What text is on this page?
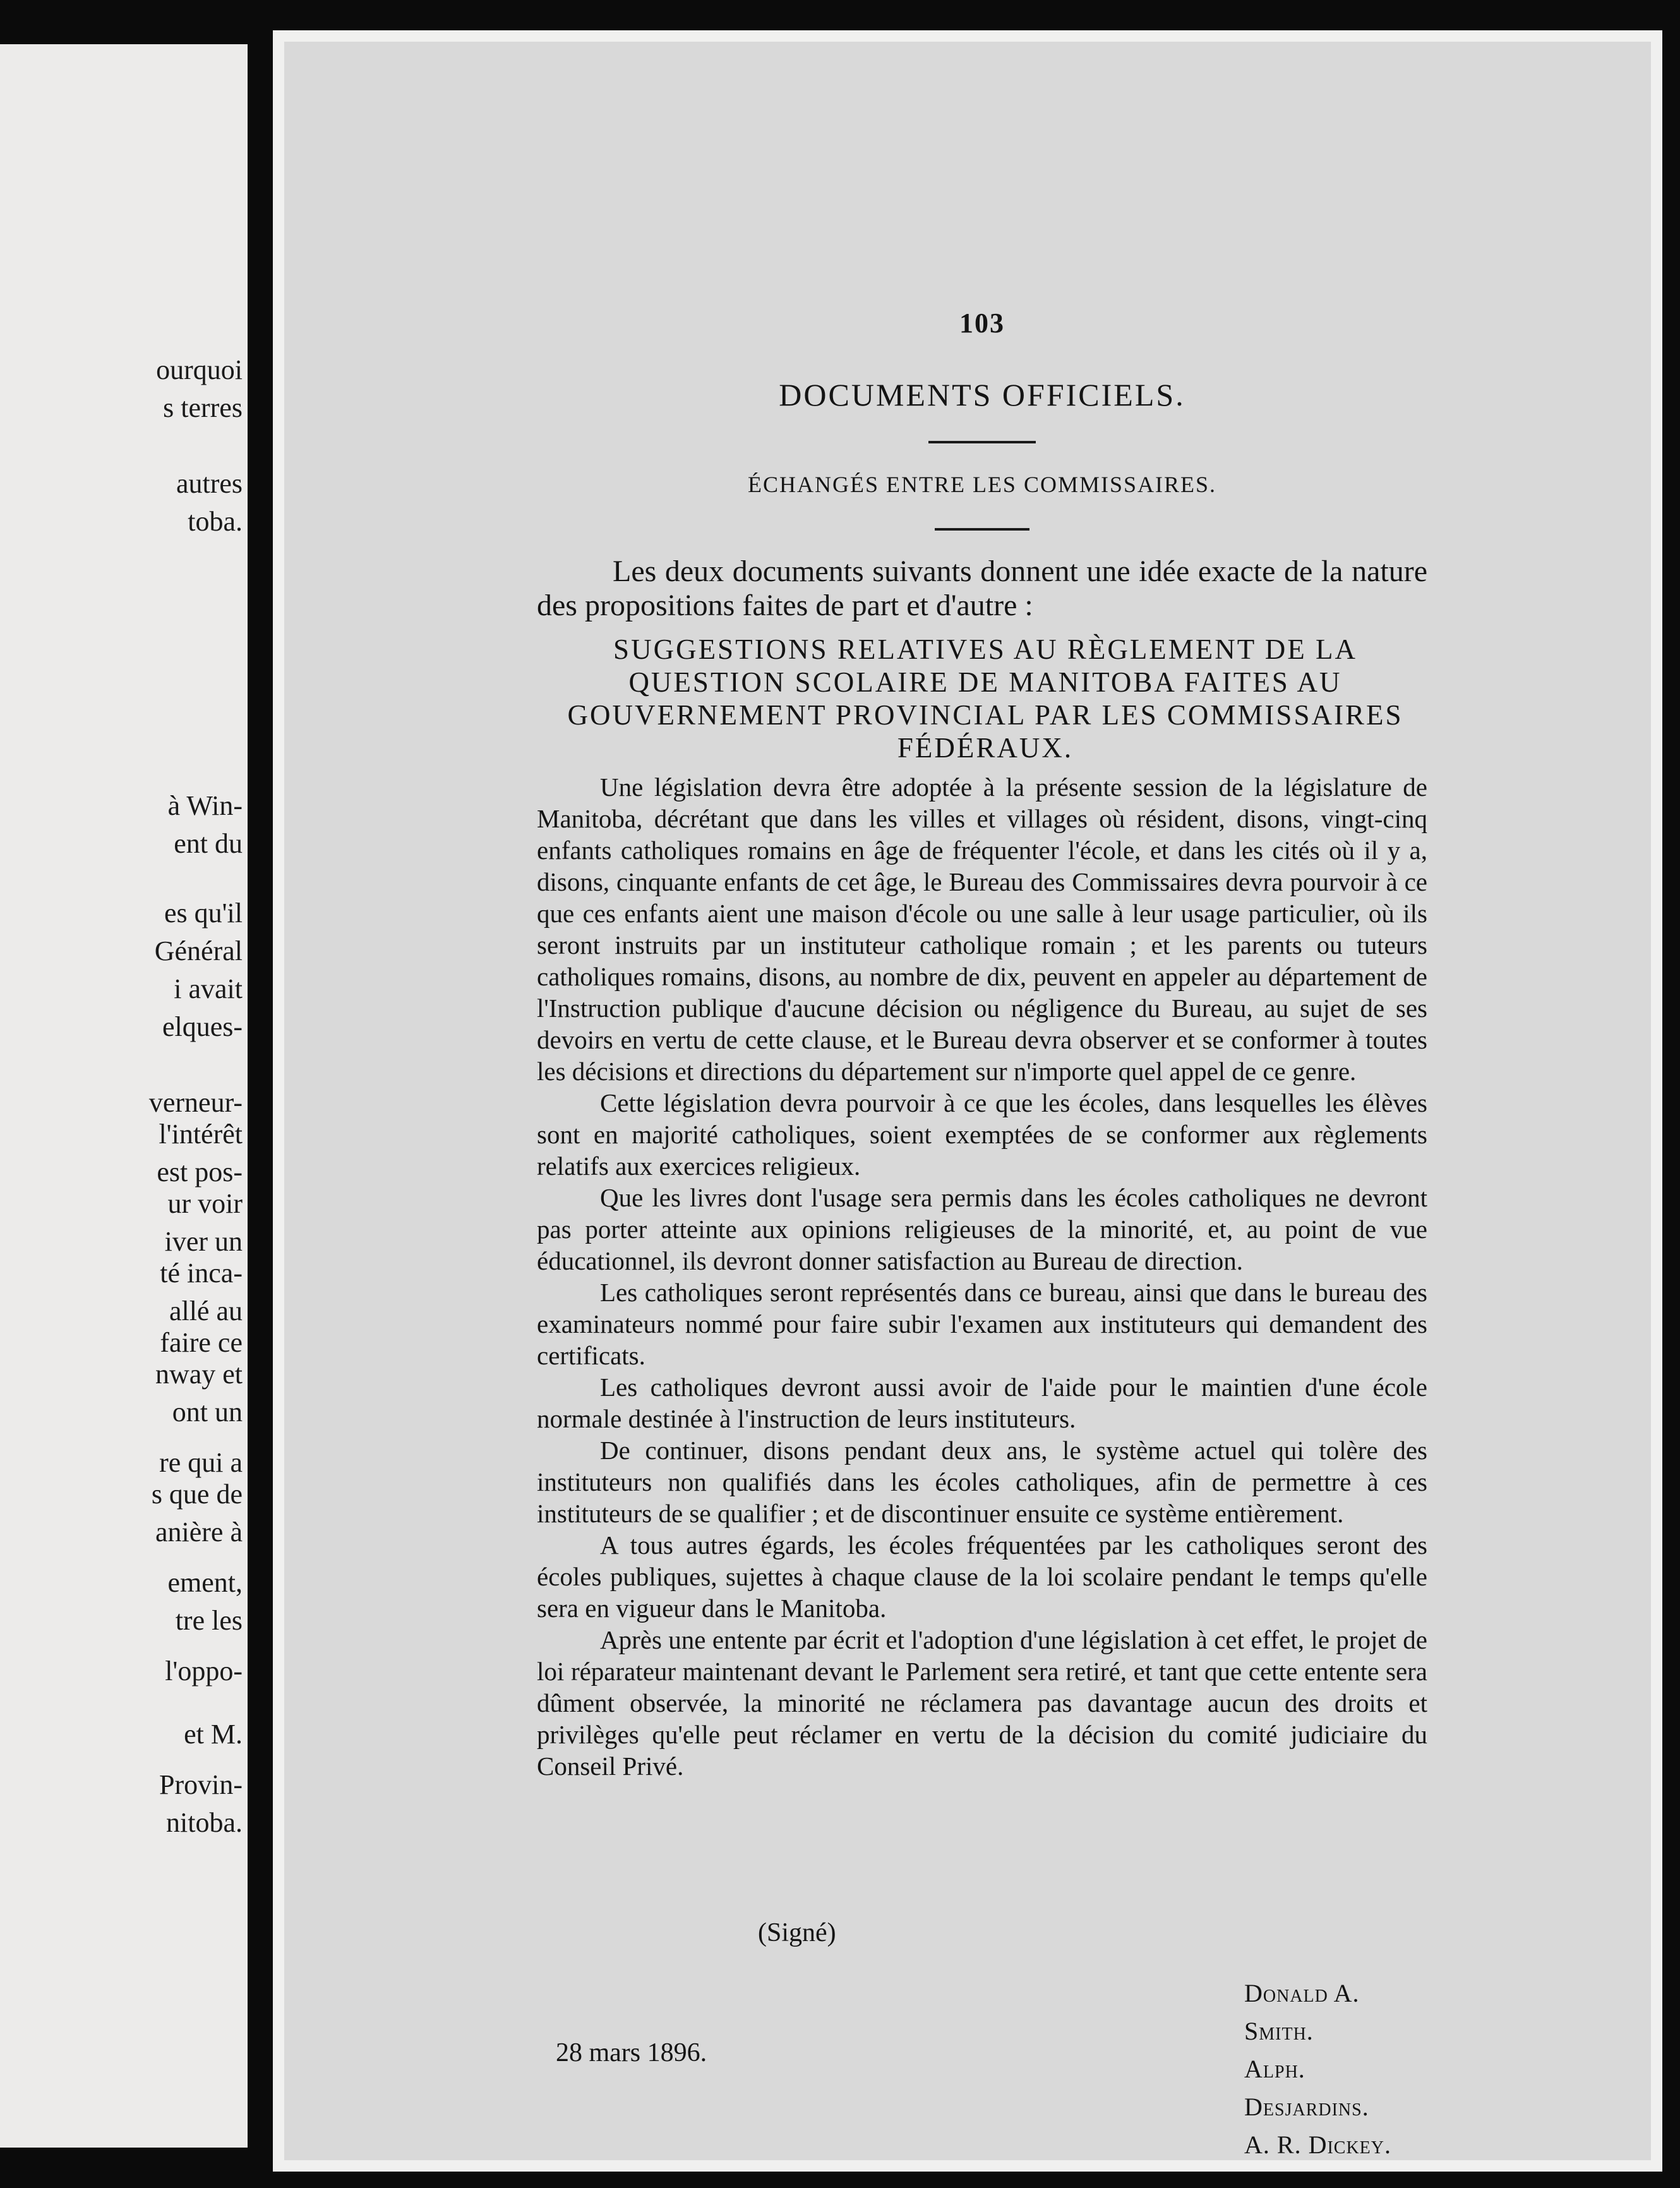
ourquoi
s terres
autres
toba.
à Win-
ent du
es qu'il
Général
i avait
elques-
verneur-
l'intérêt
est pos-
ur voir
iver un
té inca-
allé au
faire ce
nway et
ont un
re qui a
s que de
anière à
ement,
tre les
l'oppo-
et M.
Provin-
nitoba.
103
DOCUMENTS OFFICIELS.
ÉCHANGÉS ENTRE LES COMMISSAIRES.
Les deux documents suivants donnent une idée exacte de la nature des propositions faites de part et d'autre :
SUGGESTIONS RELATIVES AU RÈGLEMENT DE LA QUESTION SCOLAIRE DE MANITOBA FAITES AU GOUVERNEMENT PROVINCIAL PAR LES COMMISSAIRES FÉDÉRAUX.

Une législation devra être adoptée à la présente session de la législature de Manitoba, décrétant que dans les villes et villages où résident, disons, vingt-cinq enfants catholiques romains en âge de fréquenter l'école, et dans les cités où il y a, disons, cinquante enfants de cet âge, le Bureau des Commissaires devra pourvoir à ce que ces enfants aient une maison d'école ou une salle à leur usage particulier, où ils seront instruits par un instituteur catholique romain ; et les parents ou tuteurs catholiques romains, disons, au nombre de dix, peuvent en appeler au département de l'Instruction publique d'aucune décision ou négligence du Bureau, au sujet de ses devoirs en vertu de cette clause, et le Bureau devra observer et se conformer à toutes les décisions et directions du département sur n'importe quel appel de ce genre.

Cette législation devra pourvoir à ce que les écoles, dans lesquelles les élèves sont en majorité catholiques, soient exemptées de se conformer aux règlements relatifs aux exercices religieux.

Que les livres dont l'usage sera permis dans les écoles catholiques ne devront pas porter atteinte aux opinions religieuses de la minorité, et, au point de vue éducationnel, ils devront donner satisfaction au Bureau de direction.

Les catholiques seront représentés dans ce bureau, ainsi que dans le bureau des examinateurs nommé pour faire subir l'examen aux instituteurs qui demandent des certificats.

Les catholiques devront aussi avoir de l'aide pour le maintien d'une école normale destinée à l'instruction de leurs instituteurs.

De continuer, disons pendant deux ans, le système actuel qui tolère des instituteurs non qualifiés dans les écoles catholiques, afin de permettre à ces instituteurs de se qualifier ; et de discontinuer ensuite ce système entièrement.

A tous autres égards, les écoles fréquentées par les catholiques seront des écoles publiques, sujettes à chaque clause de la loi scolaire pendant le temps qu'elle sera en vigueur dans le Manitoba.

Après une entente par écrit et l'adoption d'une législation à cet effet, le projet de loi réparateur maintenant devant le Parlement sera retiré, et tant que cette entente sera dûment observée, la minorité ne réclamera pas davantage aucun des droits et privilèges qu'elle peut réclamer en vertu de la décision du comité judiciaire du Conseil Privé.

(Signé)
Donald A. Smith.
Alph. Desjardins.
A. R. Dickey.
28 mars 1896.
